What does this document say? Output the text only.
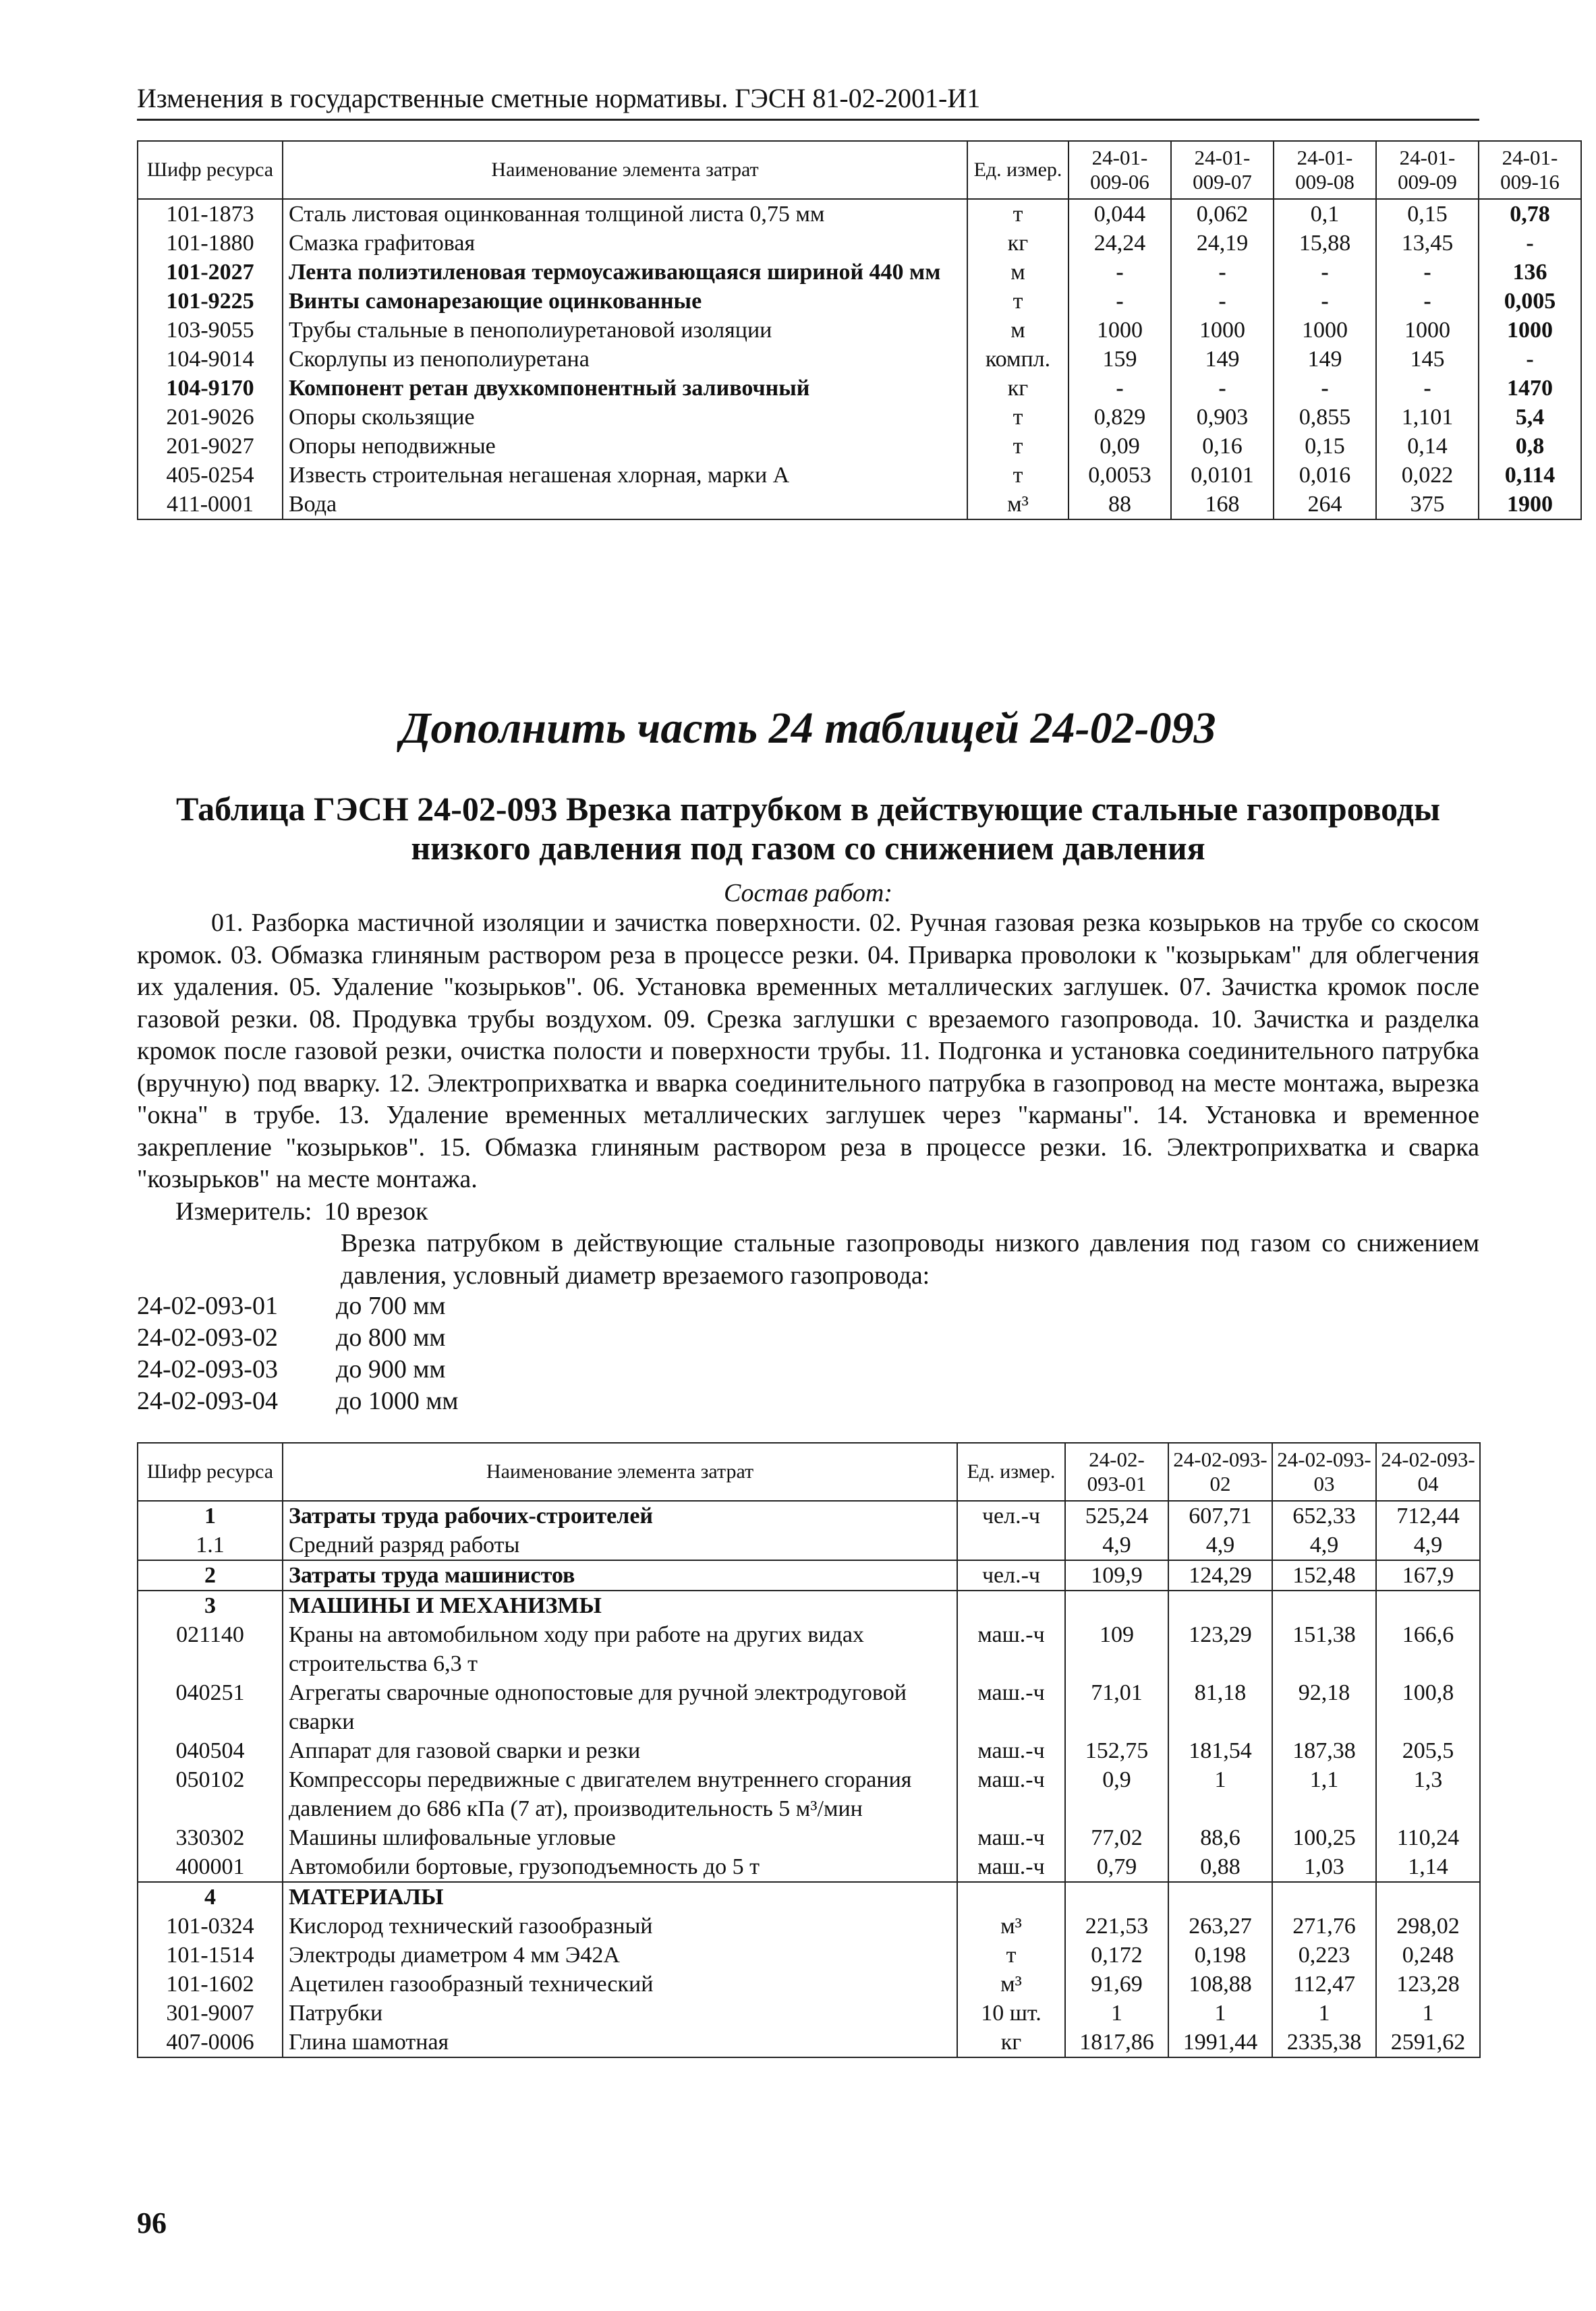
Изменения в государственные сметные нормативы. ГЭСН 81-02-2001-И1
Шифр ресурса	Наименование элемента затрат	Ед. измер.	24-01-009-06	24-01-009-07	24-01-009-08	24-01-009-09	24-01-009-16
101-1873	Сталь листовая оцинкованная толщиной листа 0,75 мм	т	0,044	0,062	0,1	0,15	0,78
101-1880	Смазка графитовая	кг	24,24	24,19	15,88	13,45	-
101-2027	Лента полиэтиленовая термоусаживающаяся шириной 440 мм	м	-	-	-	-	136
101-9225	Винты самонарезающие оцинкованные	т	-	-	-	-	0,005
103-9055	Трубы стальные в пенополиуретановой изоляции	м	1000	1000	1000	1000	1000
104-9014	Скорлупы из пенополиуретана	компл.	159	149	149	145	-
104-9170	Компонент ретан двухкомпонентный заливочный	кг	-	-	-	-	1470
201-9026	Опоры скользящие	т	0,829	0,903	0,855	1,101	5,4
201-9027	Опоры неподвижные	т	0,09	0,16	0,15	0,14	0,8
405-0254	Известь строительная негашеная хлорная, марки А	т	0,0053	0,0101	0,016	0,022	0,114
411-0001	Вода	м³	88	168	264	375	1900
Дополнить часть 24 таблицей 24-02-093
Таблица ГЭСН 24-02-093 Врезка патрубком в действующие стальные газопроводы низкого давления под газом со снижением давления
Состав работ:
01. Разборка мастичной изоляции и зачистка поверхности. 02. Ручная газовая резка козырьков на трубе со скосом кромок. 03. Обмазка глиняным раствором реза в процессе резки. 04. Приварка проволоки к "козырькам" для облегчения их удаления. 05. Удаление "козырьков". 06. Установка временных металлических заглушек. 07. Зачистка кромок после газовой резки. 08. Продувка трубы воздухом. 09. Срезка заглушки с врезаемого газопровода. 10. Зачистка и разделка кромок после газовой резки, очистка полости и поверхности трубы. 11. Подгонка и установка соединительного патрубка (вручную) под вварку. 12. Электроприхватка и вварка соединительного патрубка в газопровод на месте монтажа, вырезка "окна" в трубе. 13. Удаление временных металлических заглушек через "карманы". 14. Установка и временное закрепление "козырьков". 15. Обмазка глиняным раствором реза в процессе резки. 16. Электроприхватка и сварка "козырьков" на месте монтажа.
Измеритель: 10 врезок
Врезка патрубком в действующие стальные газопроводы низкого давления под газом со снижением давления, условный диаметр врезаемого газопровода:
24-02-093-01	до 700 мм
24-02-093-02	до 800 мм
24-02-093-03	до 900 мм
24-02-093-04	до 1000 мм
Шифр ресурса	Наименование элемента затрат	Ед. измер.	24-02-093-01	24-02-093-02	24-02-093-03	24-02-093-04
1	Затраты труда рабочих-строителей	чел.-ч	525,24	607,71	652,33	712,44
1.1	Средний разряд работы		4,9	4,9	4,9	4,9
2	Затраты труда машинистов	чел.-ч	109,9	124,29	152,48	167,9
3	МАШИНЫ И МЕХАНИЗМЫ					
021140	Краны на автомобильном ходу при работе на других видах строительства 6,3 т	маш.-ч	109	123,29	151,38	166,6
040251	Агрегаты сварочные однопостовые для ручной электродуговой сварки	маш.-ч	71,01	81,18	92,18	100,8
040504	Аппарат для газовой сварки и резки	маш.-ч	152,75	181,54	187,38	205,5
050102	Компрессоры передвижные с двигателем внутреннего сгорания давлением до 686 кПа (7 ат), производительность 5 м³/мин	маш.-ч	0,9	1	1,1	1,3
330302	Машины шлифовальные угловые	маш.-ч	77,02	88,6	100,25	110,24
400001	Автомобили бортовые, грузоподъемность до 5 т	маш.-ч	0,79	0,88	1,03	1,14
4	МАТЕРИАЛЫ					
101-0324	Кислород технический газообразный	м³	221,53	263,27	271,76	298,02
101-1514	Электроды диаметром 4 мм Э42А	т	0,172	0,198	0,223	0,248
101-1602	Ацетилен газообразный технический	м³	91,69	108,88	112,47	123,28
301-9007	Патрубки	10 шт.	1	1	1	1
407-0006	Глина шамотная	кг	1817,86	1991,44	2335,38	2591,62
96
